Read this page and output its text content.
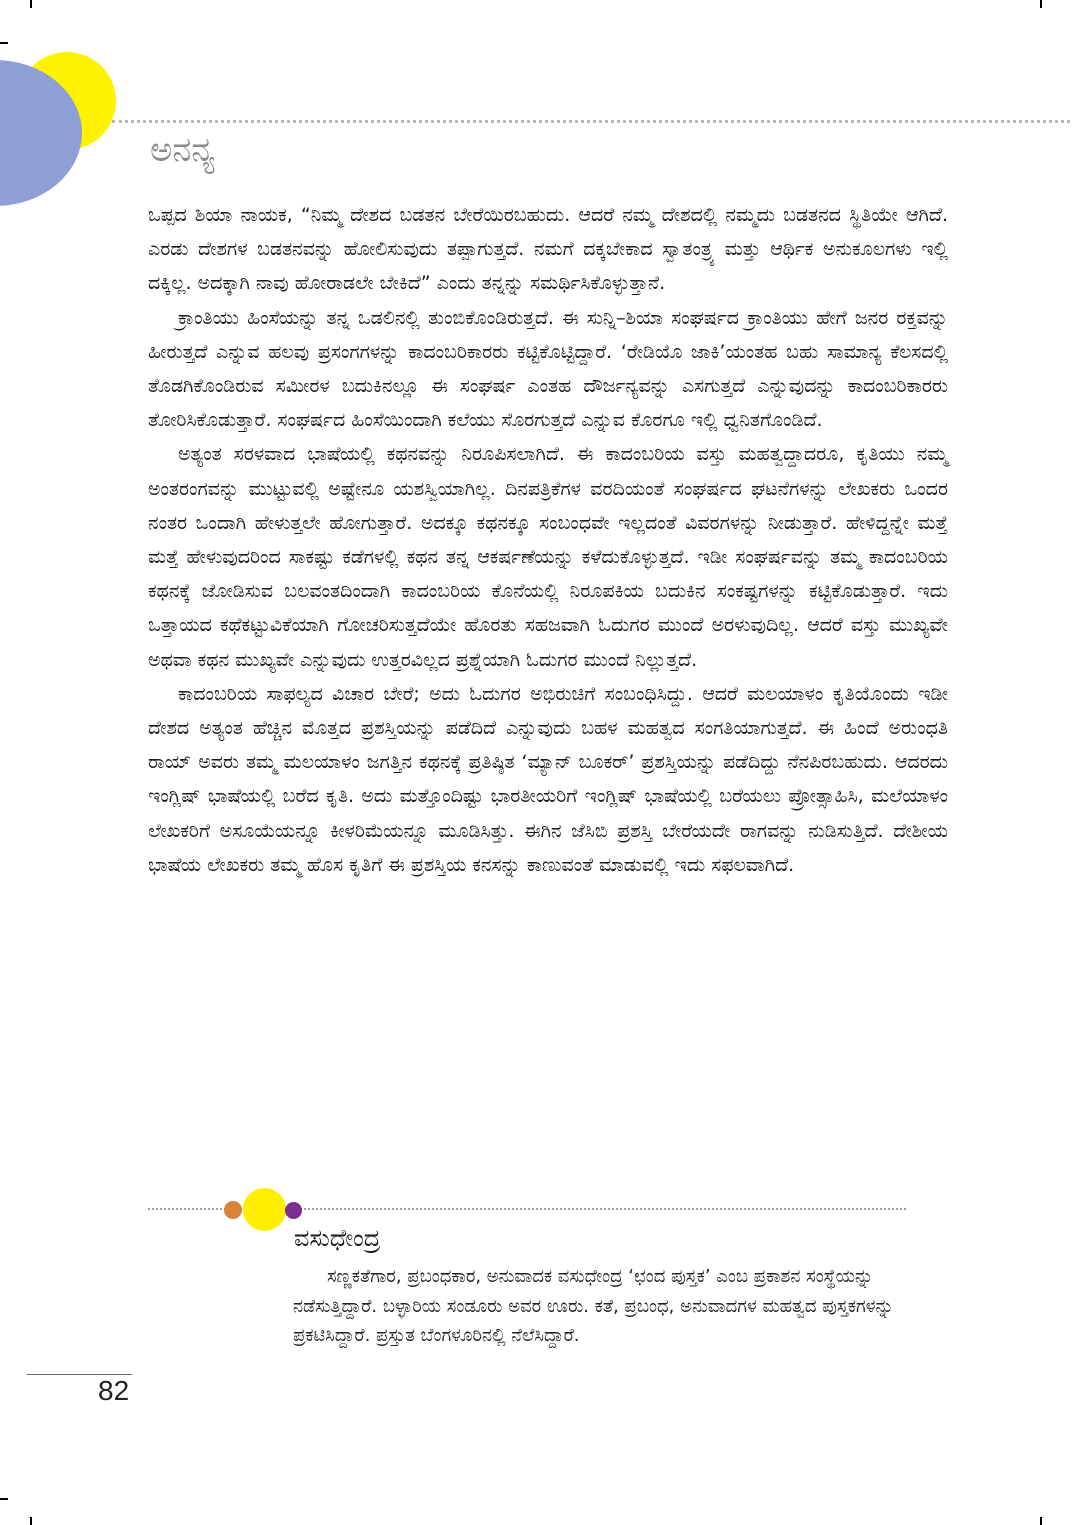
ಅನನ್ಯ

ಒಪ್ಪದ ಶಿಯಾ ನಾಯಕ, “ನಿಮ್ಮ ದೇಶದ ಬಡತನ ಬೇರೆಯಿರಬಹುದು. ಆದರೆ ನಮ್ಮ ದೇಶದಲ್ಲಿ ನಮ್ಮದು ಬಡತನದ ಸ್ಥಿತಿಯೇ ಆಗಿದೆ. ಎರಡು ದೇಶಗಳ ಬಡತನವನ್ನು ಹೋಲಿಸುವುದು ತಪ್ಪಾಗುತ್ತದೆ. ನಮಗೆ ದಕ್ಕಬೇಕಾದ ಸ್ವಾತಂತ್ರ್ಯ ಮತ್ತು ಆರ್ಥಿಕ ಅನುಕೂಲಗಳು ಇಲ್ಲಿ ದಕ್ಕಿಲ್ಲ. ಅದಕ್ಕಾಗಿ ನಾವು ಹೋರಾಡಲೇ ಬೇಕಿದೆ” ಎಂದು ತನ್ನನ್ನು ಸಮರ್ಥಿಸಿಕೊಳ್ಳುತ್ತಾನೆ.

ಕ್ರಾಂತಿಯು ಹಿಂಸೆಯನ್ನು ತನ್ನ ಒಡಲಿನಲ್ಲಿ ತುಂಬಿಕೊಂಡಿರುತ್ತದೆ. ಈ ಸುನ್ನಿ–ಶಿಯಾ ಸಂಘರ್ಷದ ಕ್ರಾಂತಿಯು ಹೇಗೆ ಜನರ ರಕ್ತವನ್ನು ಹೀರುತ್ತದೆ ಎನ್ನುವ ಹಲವು ಪ್ರಸಂಗಗಳನ್ನು ಕಾದಂಬರಿಕಾರರು ಕಟ್ಟಿಕೊಟ್ಟಿದ್ದಾರೆ. ‘ರೇಡಿಯೊ ಜಾಕಿ’ಯಂತಹ ಬಹು ಸಾಮಾನ್ಯ ಕೆಲಸದಲ್ಲಿ ತೊಡಗಿಕೊಂಡಿರುವ ಸಮೀರಳ ಬದುಕಿನಲ್ಲೂ ಈ ಸಂಘರ್ಷ ಎಂತಹ ದೌರ್ಜನ್ಯವನ್ನು ಎಸಗುತ್ತದೆ ಎನ್ನುವುದನ್ನು ಕಾದಂಬರಿಕಾರರು ತೋರಿಸಿಕೊಡುತ್ತಾರೆ. ಸಂಘರ್ಷದ ಹಿಂಸೆಯಿಂದಾಗಿ ಕಲೆಯು ಸೊರಗುತ್ತದೆ ಎನ್ನುವ ಕೊರಗೂ ಇಲ್ಲಿ ಧ್ವನಿತಗೊಂಡಿದೆ.

ಅತ್ಯಂತ ಸರಳವಾದ ಭಾಷೆಯಲ್ಲಿ ಕಥನವನ್ನು ನಿರೂಪಿಸಲಾಗಿದೆ. ಈ ಕಾದಂಬರಿಯ ವಸ್ತು ಮಹತ್ವದ್ದಾದರೂ, ಕೃತಿಯು ನಮ್ಮ ಅಂತರಂಗವನ್ನು ಮುಟ್ಟುವಲ್ಲಿ ಅಷ್ಟೇನೂ ಯಶಸ್ವಿಯಾಗಿಲ್ಲ. ದಿನಪತ್ರಿಕೆಗಳ ವರದಿಯಂತೆ ಸಂಘರ್ಷದ ಘಟನೆಗಳನ್ನು ಲೇಖಕರು ಒಂದರ ನಂತರ ಒಂದಾಗಿ ಹೇಳುತ್ತಲೇ ಹೋಗುತ್ತಾರೆ. ಅದಕ್ಕೂ ಕಥನಕ್ಕೂ ಸಂಬಂಧವೇ ಇಲ್ಲದಂತೆ ವಿವರಗಳನ್ನು ನೀಡುತ್ತಾರೆ. ಹೇಳಿದ್ದನ್ನೇ ಮತ್ತೆ ಮತ್ತೆ ಹೇಳುವುದರಿಂದ ಸಾಕಷ್ಟು ಕಡೆಗಳಲ್ಲಿ ಕಥನ ತನ್ನ ಆಕರ್ಷಣೆಯನ್ನು ಕಳೆದುಕೊಳ್ಳುತ್ತದೆ. ಇಡೀ ಸಂಘರ್ಷವನ್ನು ತಮ್ಮ ಕಾದಂಬರಿಯ ಕಥನಕ್ಕೆ ಜೋಡಿಸುವ ಬಲವಂತದಿಂದಾಗಿ ಕಾದಂಬರಿಯ ಕೊನೆಯಲ್ಲಿ ನಿರೂಪಕಿಯ ಬದುಕಿನ ಸಂಕಷ್ಟಗಳನ್ನು ಕಟ್ಟಿಕೊಡುತ್ತಾರೆ. ಇದು ಒತ್ತಾಯದ ಕಥೆಕಟ್ಟುವಿಕೆಯಾಗಿ ಗೋಚರಿಸುತ್ತದೆಯೇ ಹೊರತು ಸಹಜವಾಗಿ ಓದುಗರ ಮುಂದೆ ಅರಳುವುದಿಲ್ಲ. ಆದರೆ ವಸ್ತು ಮುಖ್ಯವೇ ಅಥವಾ ಕಥನ ಮುಖ್ಯವೇ ಎನ್ನುವುದು ಉತ್ತರವಿಲ್ಲದ ಪ್ರಶ್ನೆಯಾಗಿ ಓದುಗರ ಮುಂದೆ ನಿಲ್ಲುತ್ತದೆ.

ಕಾದಂಬರಿಯ ಸಾಫಲ್ಯದ ವಿಚಾರ ಬೇರೆ; ಅದು ಓದುಗರ ಅಭಿರುಚಿಗೆ ಸಂಬಂಧಿಸಿದ್ದು. ಆದರೆ ಮಲಯಾಳಂ ಕೃತಿಯೊಂದು ಇಡೀ ದೇಶದ ಅತ್ಯಂತ ಹೆಚ್ಚಿನ ಮೊತ್ತದ ಪ್ರಶಸ್ತಿಯನ್ನು ಪಡೆದಿದೆ ಎನ್ನುವುದು ಬಹಳ ಮಹತ್ವದ ಸಂಗತಿಯಾಗುತ್ತದೆ. ಈ ಹಿಂದೆ ಅರುಂಧತಿ ರಾಯ್ ಅವರು ತಮ್ಮ ಮಲಯಾಳಂ ಜಗತ್ತಿನ ಕಥನಕ್ಕೆ ಪ್ರತಿಷ್ಠಿತ ‘ಮ್ಯಾನ್ ಬೂಕರ್’ ಪ್ರಶಸ್ತಿಯನ್ನು ಪಡೆದಿದ್ದು ನೆನಪಿರಬಹುದು. ಆದರದು ಇಂಗ್ಲಿಷ್ ಭಾಷೆಯಲ್ಲಿ ಬರೆದ ಕೃತಿ. ಅದು ಮತ್ತೊಂದಿಷ್ಟು ಭಾರತೀಯರಿಗೆ ಇಂಗ್ಲಿಷ್ ಭಾಷೆಯಲ್ಲಿ ಬರೆಯಲು ಪ್ರೋತ್ಸಾಹಿಸಿ, ಮಲೆಯಾಳಂ ಲೇಖಕರಿಗೆ ಅಸೂಯೆಯನ್ನೂ ಕೀಳರಿಮೆಯನ್ನೂ ಮೂಡಿಸಿತ್ತು. ಈಗಿನ ಜೆಸಿಬಿ ಪ್ರಶಸ್ತಿ ಬೇರೆಯದೇ ರಾಗವನ್ನು ನುಡಿಸುತ್ತಿದೆ. ದೇಶೀಯ ಭಾಷೆಯ ಲೇಖಕರು ತಮ್ಮ ಹೊಸ ಕೃತಿಗೆ ಈ ಪ್ರಶಸ್ತಿಯ ಕನಸನ್ನು ಕಾಣುವಂತೆ ಮಾಡುವಲ್ಲಿ ಇದು ಸಫಲವಾಗಿದೆ.

ವಸುಧೇಂದ್ರ

ಸಣ್ಣಕತೆಗಾರ, ಪ್ರಬಂಧಕಾರ, ಅನುವಾದಕ ವಸುಧೇಂದ್ರ ‘ಛಂದ ಪುಸ್ತಕ’ ಎಂಬ ಪ್ರಕಾಶನ ಸಂಸ್ಥೆಯನ್ನು ನಡೆಸುತ್ತಿದ್ದಾರೆ. ಬಳ್ಳಾರಿಯ ಸಂಡೂರು ಅವರ ಊರು. ಕತೆ, ಪ್ರಬಂಧ, ಅನುವಾದಗಳ ಮಹತ್ವದ ಪುಸ್ತಕಗಳನ್ನು ಪ್ರಕಟಿಸಿದ್ದಾರೆ. ಪ್ರಸ್ತುತ ಬೆಂಗಳೂರಿನಲ್ಲಿ ನೆಲೆಸಿದ್ದಾರೆ.

82
